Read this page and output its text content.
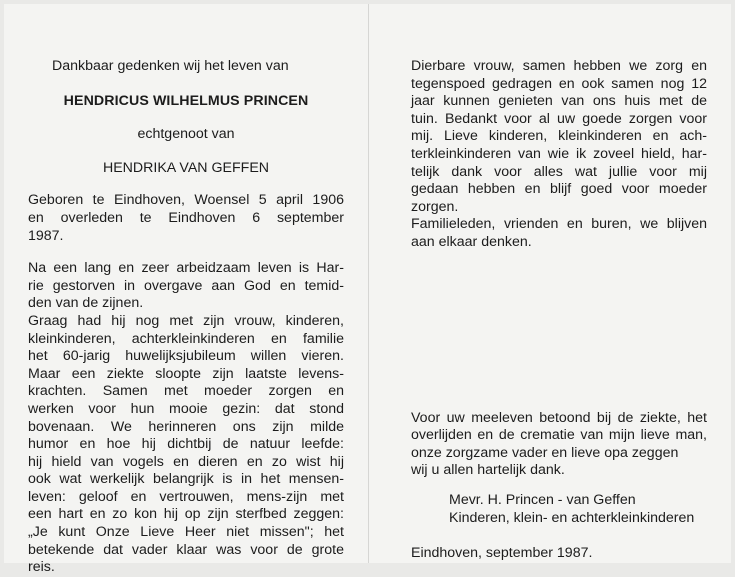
Dankbaar gedenken wij het leven van
HENDRICUS WILHELMUS PRINCEN
echtgenoot van
HENDRIKA VAN GEFFEN
Geboren te Eindhoven, Woensel 5 april 1906
en overleden te Eindhoven 6 september
1987.
Na een lang en zeer arbeidzaam leven is Har-
rie gestorven in overgave aan God en temid-
den van de zijnen.
Graag had hij nog met zijn vrouw, kinderen,
kleinkinderen, achterkleinkinderen en familie
het 60-jarig huwelijksjubileum willen vieren.
Maar een ziekte sloopte zijn laatste levens-
krachten. Samen met moeder zorgen en
werken voor hun mooie gezin: dat stond
bovenaan. We herinneren ons zijn milde
humor en hoe hij dichtbij de natuur leefde:
hij hield van vogels en dieren en zo wist hij
ook wat werkelijk belangrijk is in het mensen-
leven: geloof en vertrouwen, mens-zijn met
een hart en zo kon hij op zijn sterfbed zeggen:
„Je kunt Onze Lieve Heer niet missen"; het
betekende dat vader klaar was voor de grote
reis.
Dierbare vrouw, samen hebben we zorg en
tegenspoed gedragen en ook samen nog 12
jaar kunnen genieten van ons huis met de
tuin. Bedankt voor al uw goede zorgen voor
mij. Lieve kinderen, kleinkinderen en ach-
terkleinkinderen van wie ik zoveel hield, har-
telijk dank voor alles wat jullie voor mij
gedaan hebben en blijf goed voor moeder
zorgen.
Familieleden, vrienden en buren, we blijven
aan elkaar denken.
Voor uw meeleven betoond bij de ziekte, het
overlijden en de crematie van mijn lieve man,
onze zorgzame vader en lieve opa zeggen
wij u allen hartelijk dank.
Mevr. H. Princen - van Geffen
Kinderen, klein- en achterkleinkinderen
Eindhoven, september 1987.
